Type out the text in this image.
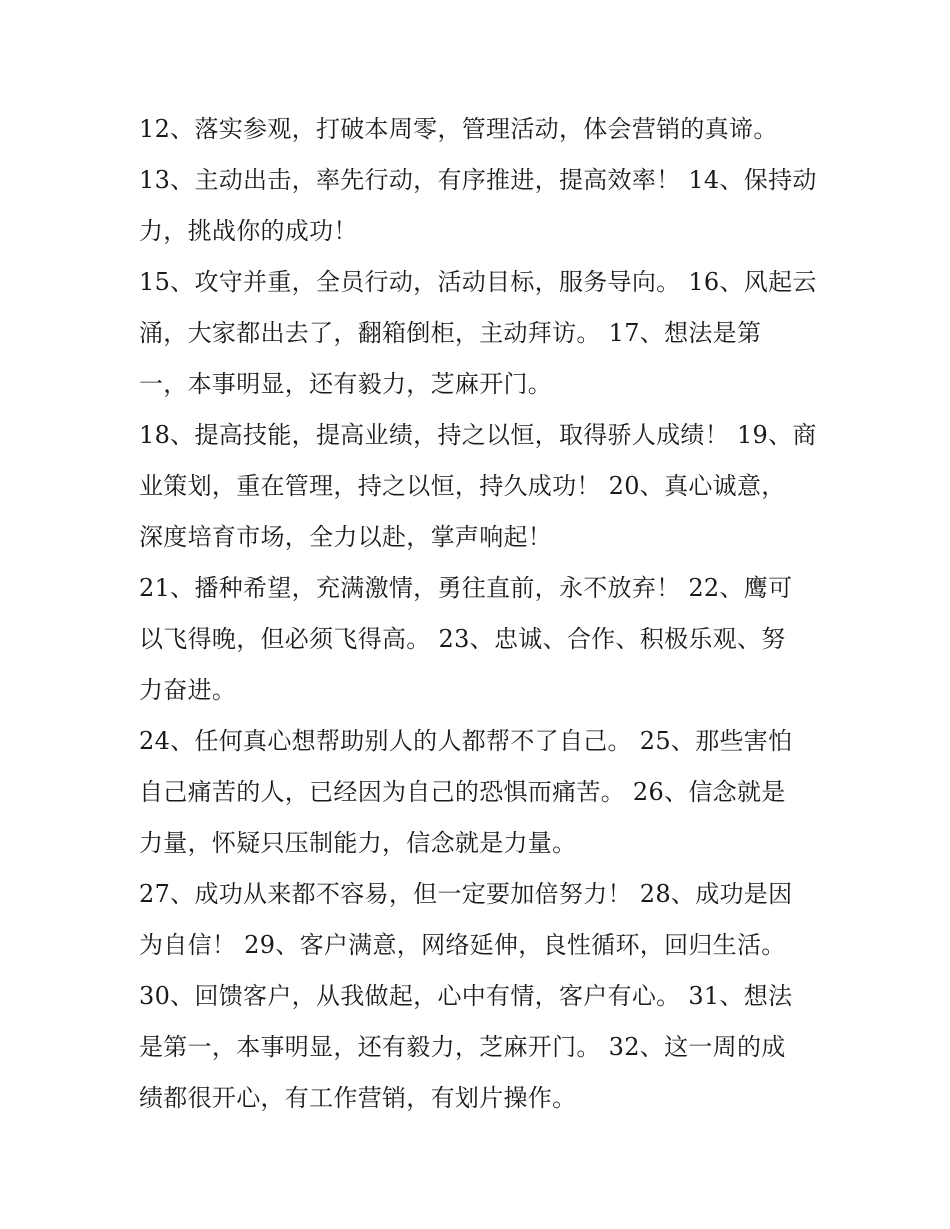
12、落实参观，打破本周零，管理活动，体会营销的真谛。
13、主动出击，率先行动，有序推进，提高效率！ 14、保持动
力，挑战你的成功！
15、攻守并重，全员行动，活动目标，服务导向。 16、风起云
涌，大家都出去了，翻箱倒柜，主动拜访。 17、想法是第
一，本事明显，还有毅力，芝麻开门。
18、提高技能，提高业绩，持之以恒，取得骄人成绩！ 19、商
业策划，重在管理，持之以恒，持久成功！ 20、真心诚意，
深度培育市场，全力以赴，掌声响起！
21、播种希望，充满激情，勇往直前，永不放弃！ 22、鹰可
以飞得晚，但必须飞得高。 23、忠诚、合作、积极乐观、努
力奋进。
24、任何真心想帮助别人的人都帮不了自己。 25、那些害怕
自己痛苦的人，已经因为自己的恐惧而痛苦。 26、信念就是
力量，怀疑只压制能力，信念就是力量。
27、成功从来都不容易，但一定要加倍努力！ 28、成功是因
为自信！ 29、客户满意，网络延伸，良性循环，回归生活。
30、回馈客户，从我做起，心中有情，客户有心。 31、想法
是第一，本事明显，还有毅力，芝麻开门。 32、这一周的成
绩都很开心，有工作营销，有划片操作。
